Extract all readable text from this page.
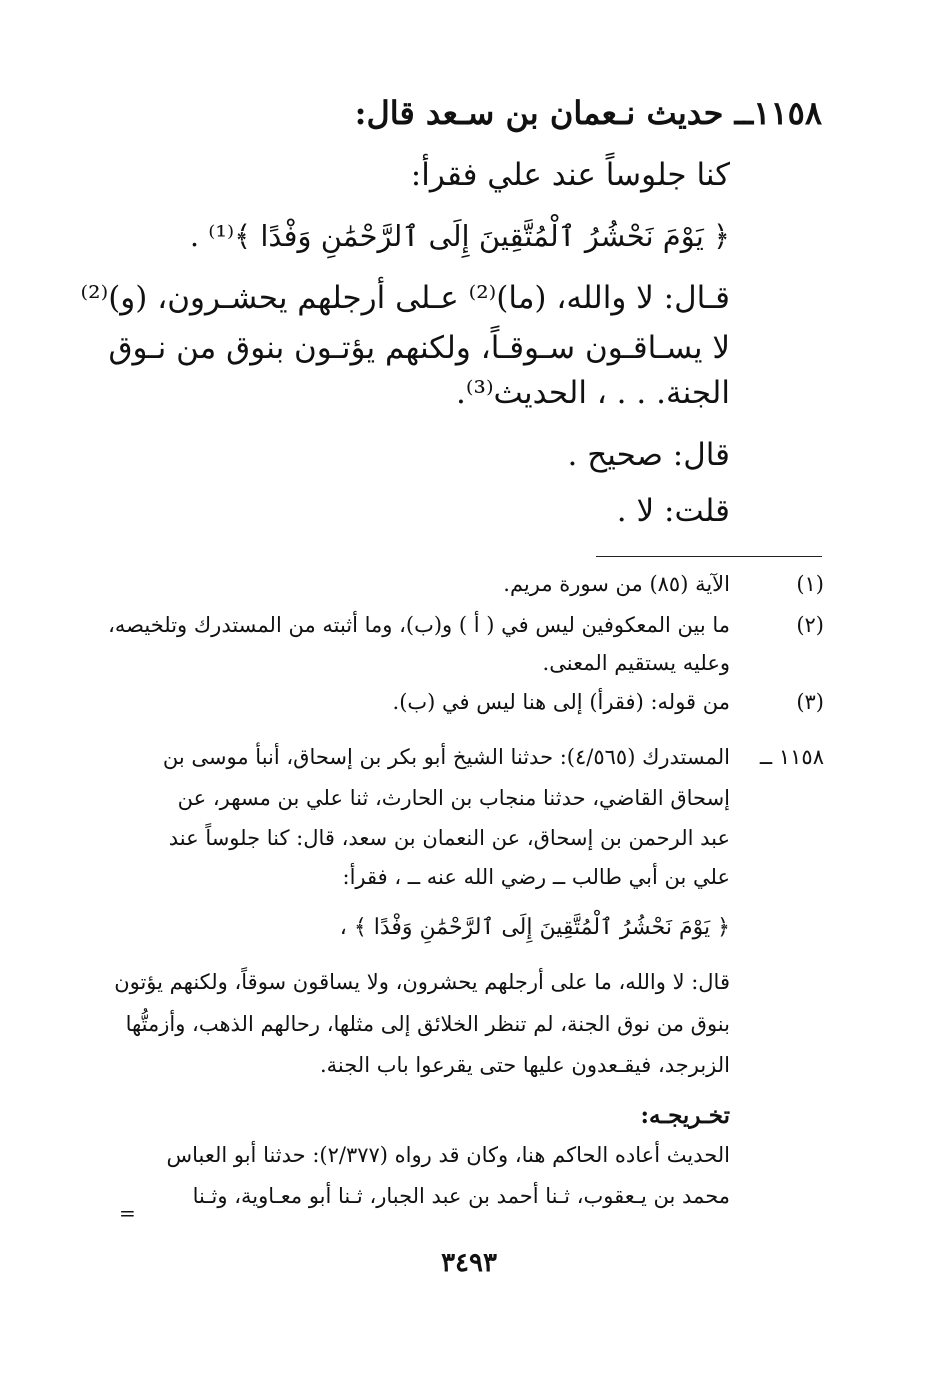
١١٥٨ــ حديث نـعمان بن سـعد قال:
كنا جلوساً عند علي فقرأ:
﴿ يَوْمَ نَحْشُرُ ٱلْمُتَّقِينَ إِلَى ٱلرَّحْمَٰنِ وَفْدًا ﴾⁽¹⁾ .
قـال: لا والله، (ما)⁽²⁾ عـلى أرجلهم يحشـرون، (و)⁽²⁾
لا يسـاقـون سـوقـاً، ولكنهم يؤتـون بنوق من نـوق
الجنة. . . ، الحديث⁽³⁾.
قال: صحيح .
قلت: لا .
(١)
الآية (٨٥) من سورة مريم.
(٢)
ما بين المعكوفين ليس في ( أ ) و(ب)، وما أثبته من المستدرك وتلخيصه،
وعليه يستقيم المعنى.
(٣)
من قوله: (فقرأ) إلى هنا ليس في (ب).
١١٥٨ ــ
المستدرك (٤/٥٦٥): حدثنا الشيخ أبو بكر بن إسحاق، أنبأ موسى بن
إسحاق القاضي، حدثنا منجاب بن الحارث، ثنا علي بن مسهر، عن
عبد الرحمن بن إسحاق، عن النعمان بن سعد، قال: كنا جلوساً عند
علي بن أبي طالب ــ رضي الله عنه ــ ، فقرأ:
﴿ يَوْمَ نَحْشُرُ ٱلْمُتَّقِينَ إِلَى ٱلرَّحْمَٰنِ وَفْدًا ﴾ ،
قال: لا والله، ما على أرجلهم يحشرون، ولا يساقون سوقاً، ولكنهم يؤتون
بنوق من نوق الجنة، لم تنظر الخلائق إلى مثلها، رحالهم الذهب، وأزمتُّها
الزبرجد، فيقـعدون عليها حتى يقرعوا باب الجنة.
تخـريجـه:
الحديث أعاده الحاكم هنا، وكان قد رواه (٢/٣٧٧): حدثنا أبو العباس
محمد بن يـعقوب، ثـنا أحمد بن عبد الجبار، ثـنا أبو معـاوية، وثـنا
=
٣٤٩٣
